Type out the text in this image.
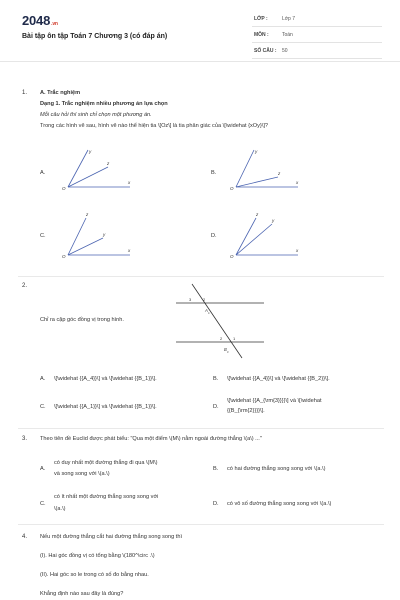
2048.vn
Bài tập ôn tập Toán 7 Chương 3 (có đáp án)
LỚP :	Lớp 7
MÔN :	Toán
SỐ CÂU : 50
1. A. Trắc nghiệm
Dạng 1. Trắc nghiệm nhiều phương án lựa chọn
Mỗi câu hỏi thí sinh chỉ chọn một phương án.
Trong các hình vẽ sau, hình vẽ nào thể hiện tia \[Oz\] là tia phân giác của \[\widehat {xOy}\]?
A.	B.
C.	D.
O
x
y
z
O
x
y
z
O
x
z
y
O
x
z
y
2.
Chỉ ra cặp góc đồng vị trong hình.
3	2
A
4
2	1
B
3
A. \[\widehat {{A_4}}\] và \[\widehat {{B_1}}\].	B. \[\widehat {{A_4}}\] và \[\widehat {{B_2}}\].
C. \[\widehat {{A_1}}\] và \[\widehat {{B_1}}\].	D.
\[\widehat {{A_{\rm{3}}}}\] và \[\widehat
{{B_{\rm{2}}}}\].
3. Theo tiên đề Euclid được phát biểu: "Qua một điểm \(M\) nằm ngoài đường thẳng \(a\) ..."
A.
có duy nhất một đường thẳng đi qua \(M\)
và song song với \(a.\)
B. có hai đường thẳng song song với \(a.\)
C.
có ít nhất một đường thẳng song song với
\(a.\)
D. có vô số đường thẳng song song với \(a.\)
4. Nếu một đường thẳng cắt hai đường thẳng song song thì
(I). Hai góc đồng vị có tổng bằng \(180^\circ .\)
(II). Hai góc so le trong có số đo bằng nhau.
Khẳng định nào sau đây là đúng?
